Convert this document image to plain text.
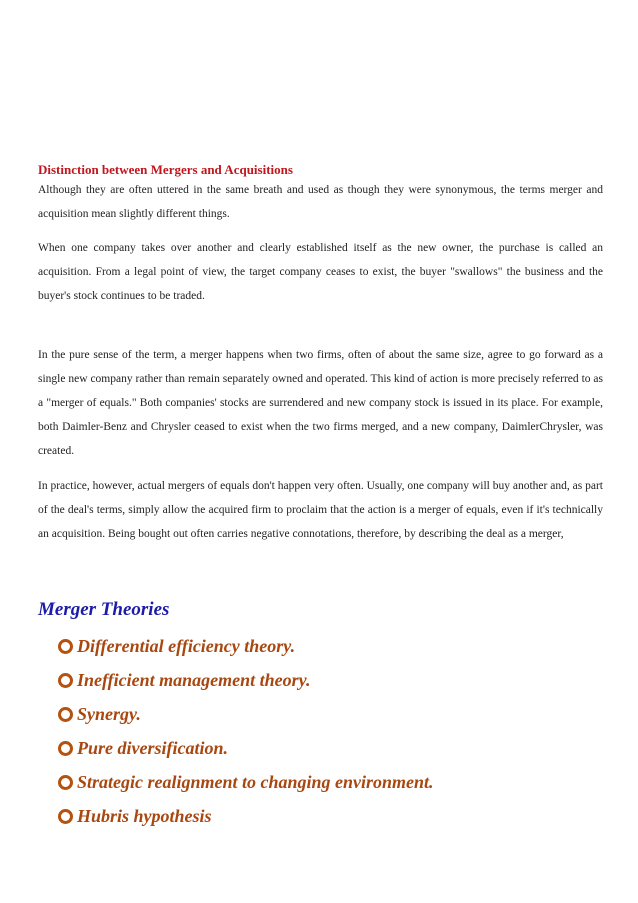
Distinction between Mergers and Acquisitions

Although they are often uttered in the same breath and used as though they were synonymous, the terms merger and acquisition mean slightly different things.

When one company takes over another and clearly established itself as the new owner, the purchase is called an acquisition. From a legal point of view, the target company ceases to exist, the buyer "swallows" the business and the buyer's stock continues to be traded.

In the pure sense of the term, a merger happens when two firms, often of about the same size, agree to go forward as a single new company rather than remain separately owned and operated. This kind of action is more precisely referred to as a "merger of equals." Both companies' stocks are surrendered and new company stock is issued in its place. For example, both Daimler-Benz and Chrysler ceased to exist when the two firms merged, and a new company, DaimlerChrysler, was created.

In practice, however, actual mergers of equals don't happen very often. Usually, one company will buy another and, as part of the deal's terms, simply allow the acquired firm to proclaim that the action is a merger of equals, even if it's technically an acquisition. Being bought out often carries negative connotations, therefore, by describing the deal as a merger,

Merger Theories
Differential efficiency theory.
Inefficient management theory.
Synergy.
Pure diversification.
Strategic realignment to changing environment.
Hubris hypothesis
